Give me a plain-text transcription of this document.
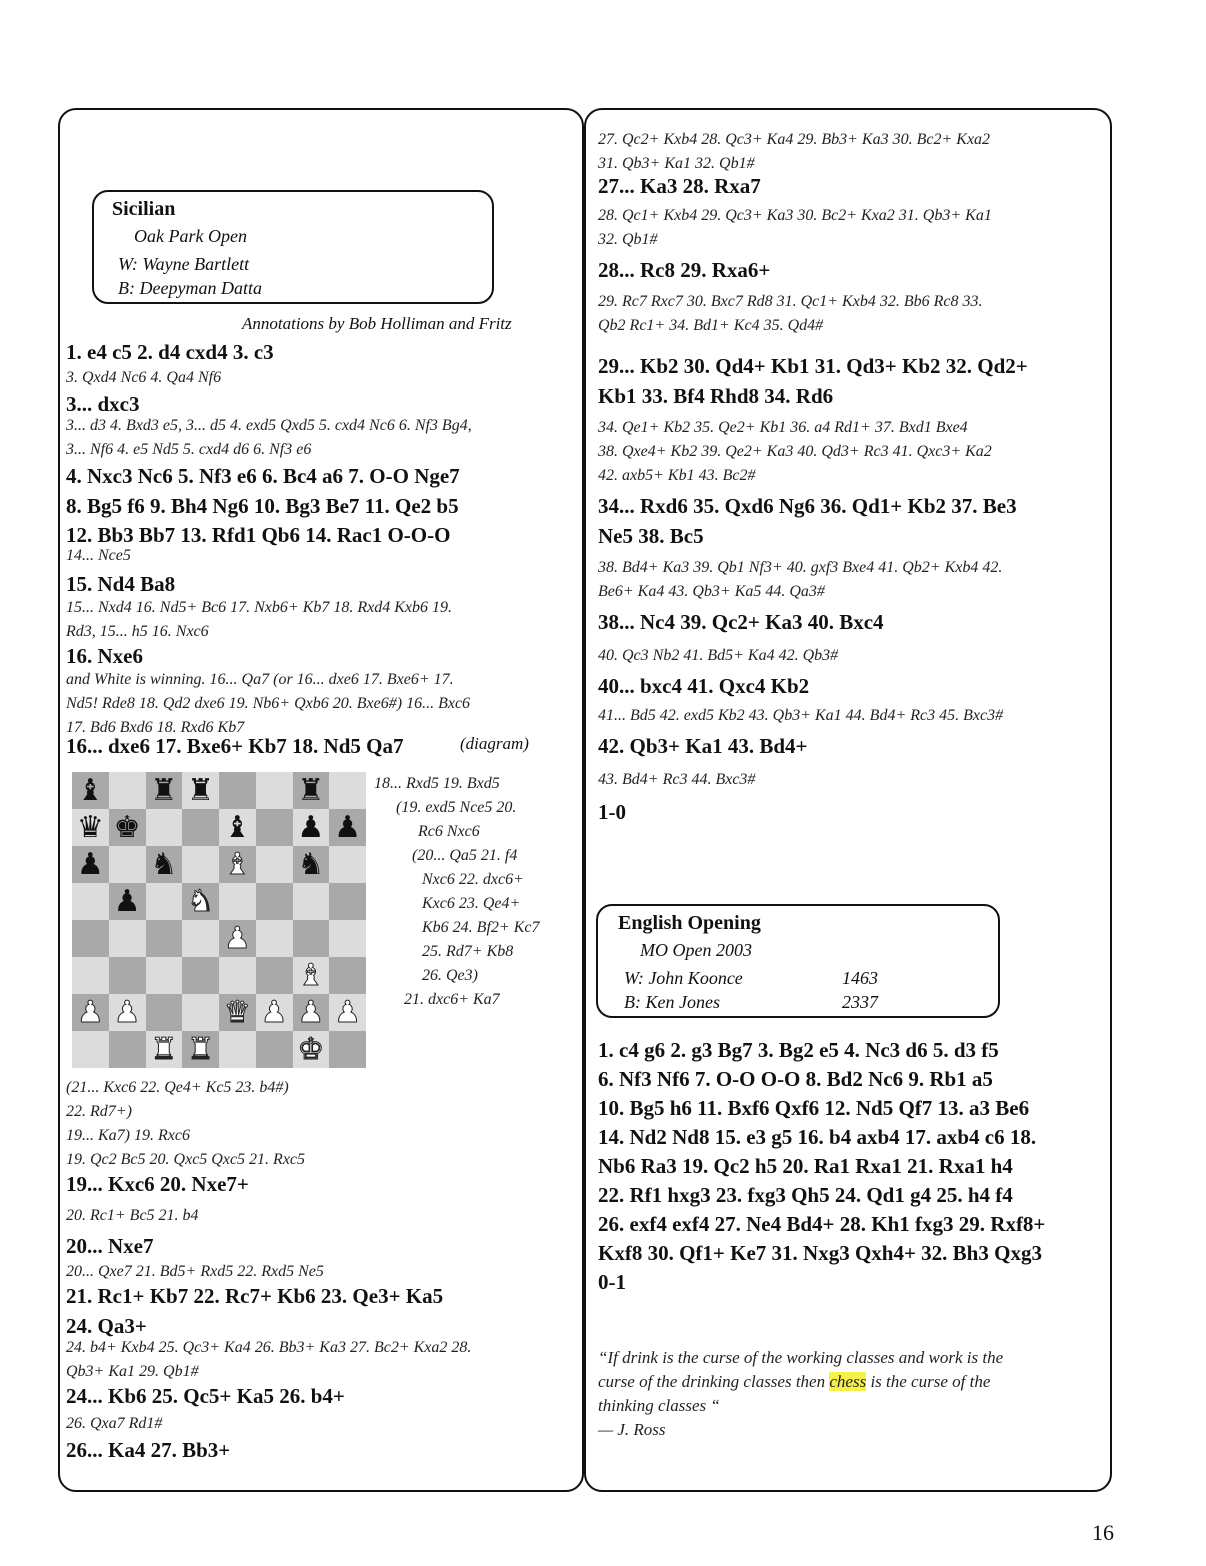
Sicilian
Oak Park Open
W: Wayne Bartlett
B: Deepyman Datta
Annotations by Bob Holliman and Fritz
1. e4 c5 2. d4 cxd4 3. c3
3. Qxd4 Nc6 4. Qa4 Nf6
3... dxc3
3... d3 4. Bxd3 e5, 3... d5 4. exd5 Qxd5 5. cxd4 Nc6 6. Nf3 Bg4,
3... Nf6 4. e5 Nd5 5. cxd4 d6 6. Nf3 e6
4. Nxc3 Nc6 5. Nf3 e6 6. Bc4 a6 7. O-O Nge7
8. Bg5 f6 9. Bh4 Ng6 10. Bg3 Be7 11. Qe2 b5
12. Bb3 Bb7 13. Rfd1 Qb6 14. Rac1 O-O-O
14... Nce5
15. Nd4 Ba8
15... Nxd4 16. Nd5+ Bc6 17. Nxb6+ Kb7 18. Rxd4 Kxb6 19.
Rd3, 15... h5 16. Nxc6
16. Nxe6
and White is winning. 16... Qa7 (or 16... dxe6 17. Bxe6+ 17.
Nd5! Rde8 18. Qd2 dxe6 19. Nb6+ Qxb6 20. Bxe6#) 16... Bxc6
17. Bd6 Bxd6 18. Rxd6 Kb7
16... dxe6 17. Bxe6+ Kb7 18. Nd5 Qa7	(diagram)
♝ ♜ ♜	♜
♛ ♚	♝ ♟ ♟
♟ ♞ ♝ ♞
♟ ♞
♟
♝
♟ ♟	♛ ♟ ♟ ♟
♜ ♜	♚
18... Rxd5 19. Bxd5
(19. exd5 Nce5 20.
Rc6 Nxc6
(20... Qa5 21. f4
Nxc6 22. dxc6+
Kxc6 23. Qe4+
Kb6 24. Bf2+ Kc7
25. Rd7+ Kb8
26. Qe3)
21. dxc6+ Ka7
(21... Kxc6 22. Qe4+ Kc5 23. b4#)
22. Rd7+)
19... Ka7) 19. Rxc6
19. Qc2 Bc5 20. Qxc5 Qxc5 21. Rxc5
19... Kxc6 20. Nxe7+
20. Rc1+ Bc5 21. b4
20... Nxe7
20... Qxe7 21. Bd5+ Rxd5 22. Rxd5 Ne5
21. Rc1+ Kb7 22. Rc7+ Kb6 23. Qe3+ Ka5
24. Qa3+
24. b4+ Kxb4 25. Qc3+ Ka4 26. Bb3+ Ka3 27. Bc2+ Kxa2 28.
Qb3+ Ka1 29. Qb1#
24... Kb6 25. Qc5+ Ka5 26. b4+
26. Qxa7 Rd1#
26... Ka4 27. Bb3+
27. Qc2+ Kxb4 28. Qc3+ Ka4 29. Bb3+ Ka3 30. Bc2+ Kxa2
31. Qb3+ Ka1 32. Qb1#
27... Ka3 28. Rxa7
28. Qc1+ Kxb4 29. Qc3+ Ka3 30. Bc2+ Kxa2 31. Qb3+ Ka1
32. Qb1#
28... Rc8 29. Rxa6+
29. Rc7 Rxc7 30. Bxc7 Rd8 31. Qc1+ Kxb4 32. Bb6 Rc8 33.
Qb2 Rc1+ 34. Bd1+ Kc4 35. Qd4#
29... Kb2 30. Qd4+ Kb1 31. Qd3+ Kb2 32. Qd2+
Kb1 33. Bf4 Rhd8 34. Rd6
34. Qe1+ Kb2 35. Qe2+ Kb1 36. a4 Rd1+ 37. Bxd1 Bxe4
38. Qxe4+ Kb2 39. Qe2+ Ka3 40. Qd3+ Rc3 41. Qxc3+ Ka2
42. axb5+ Kb1 43. Bc2#
34... Rxd6 35. Qxd6 Ng6 36. Qd1+ Kb2 37. Be3
Ne5 38. Bc5
38. Bd4+ Ka3 39. Qb1 Nf3+ 40. gxf3 Bxe4 41. Qb2+ Kxb4 42.
Be6+ Ka4 43. Qb3+ Ka5 44. Qa3#
38... Nc4 39. Qc2+ Ka3 40. Bxc4
40. Qc3 Nb2 41. Bd5+ Ka4 42. Qb3#
40... bxc4 41. Qxc4 Kb2
41... Bd5 42. exd5 Kb2 43. Qb3+ Ka1 44. Bd4+ Rc3 45. Bxc3#
42. Qb3+ Ka1 43. Bd4+
43. Bd4+ Rc3 44. Bxc3#
1-0
English Opening
MO Open 2003
W: John Koonce	1463
B: Ken Jones	2337
1. c4 g6 2. g3 Bg7 3. Bg2 e5 4. Nc3 d6 5. d3 f5
6. Nf3 Nf6 7. O-O O-O 8. Bd2 Nc6 9. Rb1 a5
10. Bg5 h6 11. Bxf6 Qxf6 12. Nd5 Qf7 13. a3 Be6
14. Nd2 Nd8 15. e3 g5 16. b4 axb4 17. axb4 c6 18.
Nb6 Ra3 19. Qc2 h5 20. Ra1 Rxa1 21. Rxa1 h4
22. Rf1 hxg3 23. fxg3 Qh5 24. Qd1 g4 25. h4 f4
26. exf4 exf4 27. Ne4 Bd4+ 28. Kh1 fxg3 29. Rxf8+
Kxf8 30. Qf1+ Ke7 31. Nxg3 Qxh4+ 32. Bh3 Qxg3
0-1
“If drink is the curse of the working classes and work is the
curse of the drinking classes then chess is the curse of the
thinking classes “
— J. Ross
16
